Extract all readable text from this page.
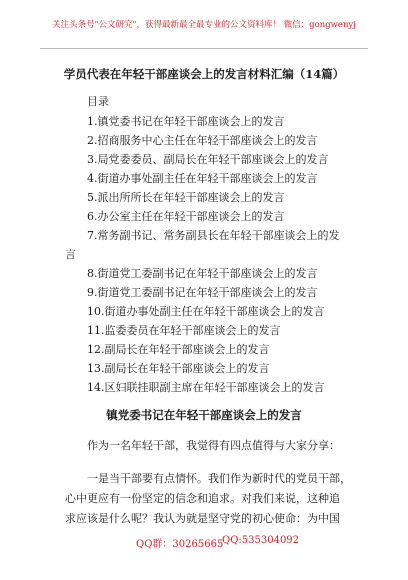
关注头条号"公文研究"，获得最新最全最专业的公文资料库！ 微信：gongwenyj
学员代表在年轻干部座谈会上的发言材料汇编（14篇）
目录
1.镇党委书记在年轻干部座谈会上的发言
2.招商服务中心主任在年轻干部座谈会上的发言
3.局党委委员、副局长在年轻干部座谈会上的发言
4.街道办事处副主任在年轻干部座谈会上的发言
5.派出所所长在年轻干部座谈会上的发言
6.办公室主任在年轻干部座谈会上的发言
7.常务副书记、常务副县长在年轻干部座谈会上的发
言
8.街道党工委副书记在年轻干部座谈会上的发言
9.街道党工委副书记在年轻干部座谈会上的发言
10.街道办事处副主任在年轻干部座谈会上的发言
11.监委委员在年轻干部座谈会上的发言
12.副局长在年轻干部座谈会上的发言
13.副局长在年轻干部座谈会上的发言
14.区妇联挂职副主席在年轻干部座谈会上的发言
镇党委书记在年轻干部座谈会上的发言
作为一名年轻干部，我觉得有四点值得与大家分享：
一是当干部要有点情怀。我们作为新时代的党员干部，
心中更应有一份坚定的信念和追求。对我们来说，这种追
求应该是什么呢？我认为就是坚守党的初心使命：为中国
QQ群：30265665
QQ:535304092
